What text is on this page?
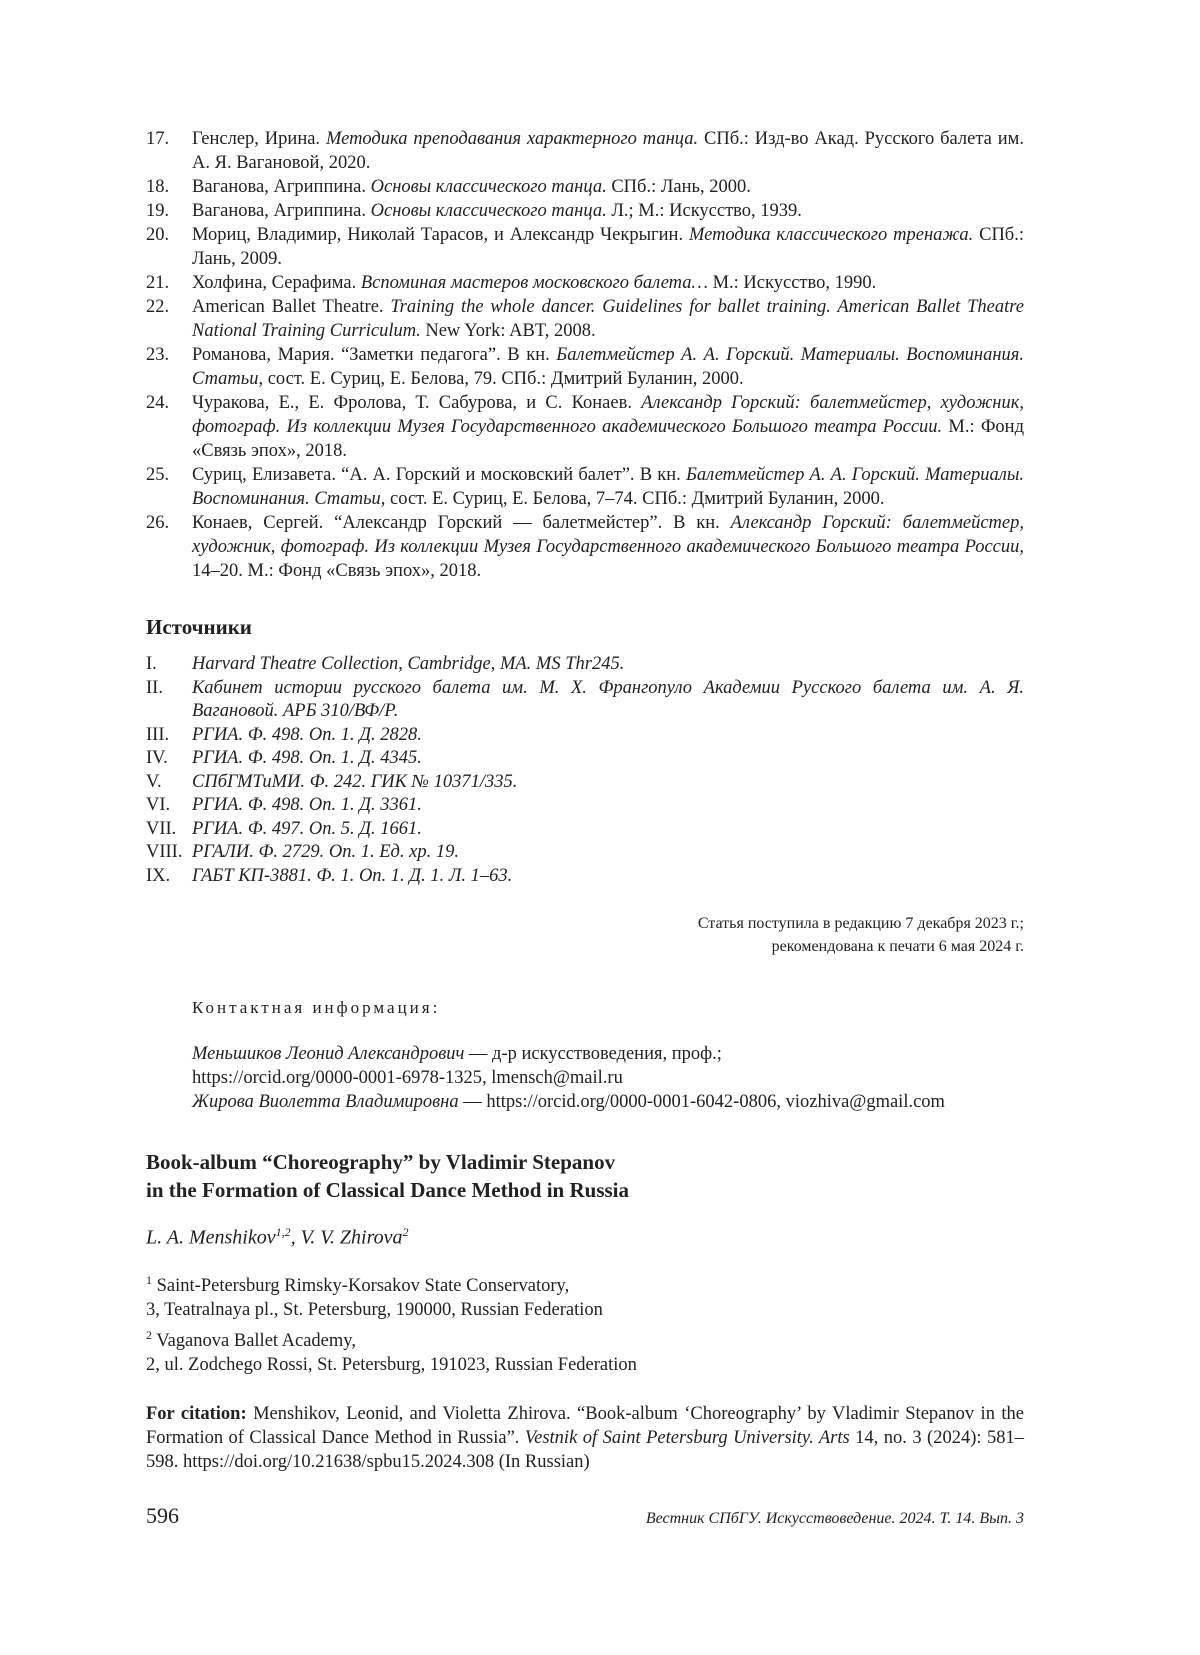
17.	Генслер, Ирина. Методика преподавания характерного танца. СПб.: Изд-во Акад. Русского балета им. А. Я. Вагановой, 2020.
18.	Ваганова, Агриппина. Основы классического танца. СПб.: Лань, 2000.
19.	Ваганова, Агриппина. Основы классического танца. Л.; М.: Искусство, 1939.
20.	Мориц, Владимир, Николай Тарасов, и Александр Чекрыгин. Методика классического тренажа. СПб.: Лань, 2009.
21.	Холфина, Серафима. Вспоминая мастеров московского балета… М.: Искусство, 1990.
22.	American Ballet Theatre. Training the whole dancer. Guidelines for ballet training. American Ballet Theatre National Training Curriculum. New York: ABT, 2008.
23.	Романова, Мария. “Заметки педагога”. В кн. Балетмейстер А. А. Горский. Материалы. Воспоминания. Статьи, сост. Е. Суриц, Е. Белова, 79. СПб.: Дмитрий Буланин, 2000.
24.	Чуракова, Е., Е. Фролова, Т. Сабурова, и С. Конаев. Александр Горский: балетмейстер, художник, фотограф. Из коллекции Музея Государственного академического Большого театра России. М.: Фонд «Связь эпох», 2018.
25.	Суриц, Елизавета. “А. А. Горский и московский балет”. В кн. Балетмейстер А. А. Горский. Материалы. Воспоминания. Статьи, сост. Е. Суриц, Е. Белова, 7–74. СПб.: Дмитрий Буланин, 2000.
26.	Конаев, Сергей. “Александр Горский — балетмейстер”. В кн. Александр Горский: балетмейстер, художник, фотограф. Из коллекции Музея Государственного академического Большого театра России, 14–20. М.: Фонд «Связь эпох», 2018.
Источники
I.	Harvard Theatre Collection, Cambridge, MA. MS Thr245.
II.	Кабинет истории русского балета им. М. Х. Франгопуло Академии Русского балета им. А. Я. Вагановой. АРБ 310/ВФ/Р.
III.	РГИА. Ф. 498. Оп. 1. Д. 2828.
IV.	РГИА. Ф. 498. Оп. 1. Д. 4345.
V.	СПбГМТиМИ. Ф. 242. ГИК № 10371/335.
VI.	РГИА. Ф. 498. Оп. 1. Д. 3361.
VII. РГИА. Ф. 497. Оп. 5. Д. 1661.
VIII. РГАЛИ. Ф. 2729. Оп. 1. Ед. хр. 19.
IX.	ГАБТ КП-3881. Ф. 1. Оп. 1. Д. 1. Л. 1–63.
Статья поступила в редакцию 7 декабря 2023 г.;
рекомендована к печати 6 мая 2024 г.
Контактная информация:
Меньшиков Леонид Александрович — д-р искусствоведения, проф.;
https://orcid.org/0000-0001-6978-1325, lmensch@mail.ru
Жирова Виолетта Владимировна — https://orcid.org/0000-0001-6042-0806, viozhiva@gmail.com
Book-album “Choreography” by Vladimir Stepanov
in the Formation of Classical Dance Method in Russia
L. A. Menshikov$^{1,2}$, V. V. Zhirova$^2$
$^1$ Saint-Petersburg Rimsky-Korsakov State Conservatory,
3, Teatralnaya pl., St. Petersburg, 190000, Russian Federation
$^2$ Vaganova Ballet Academy,
2, ul. Zodchego Rossi, St. Petersburg, 191023, Russian Federation
For citation: Menshikov, Leonid, and Violetta Zhirova. “Book-album ‘Choreography’ by Vladimir Stepanov in the Formation of Classical Dance Method in Russia”. Vestnik of Saint Petersburg University. Arts 14, no. 3 (2024): 581–598. https://doi.org/10.21638/spbu15.2024.308 (In Russian)
596	Вестник СПбГУ. Искусствоведение. 2024. Т. 14. Вып. 3
